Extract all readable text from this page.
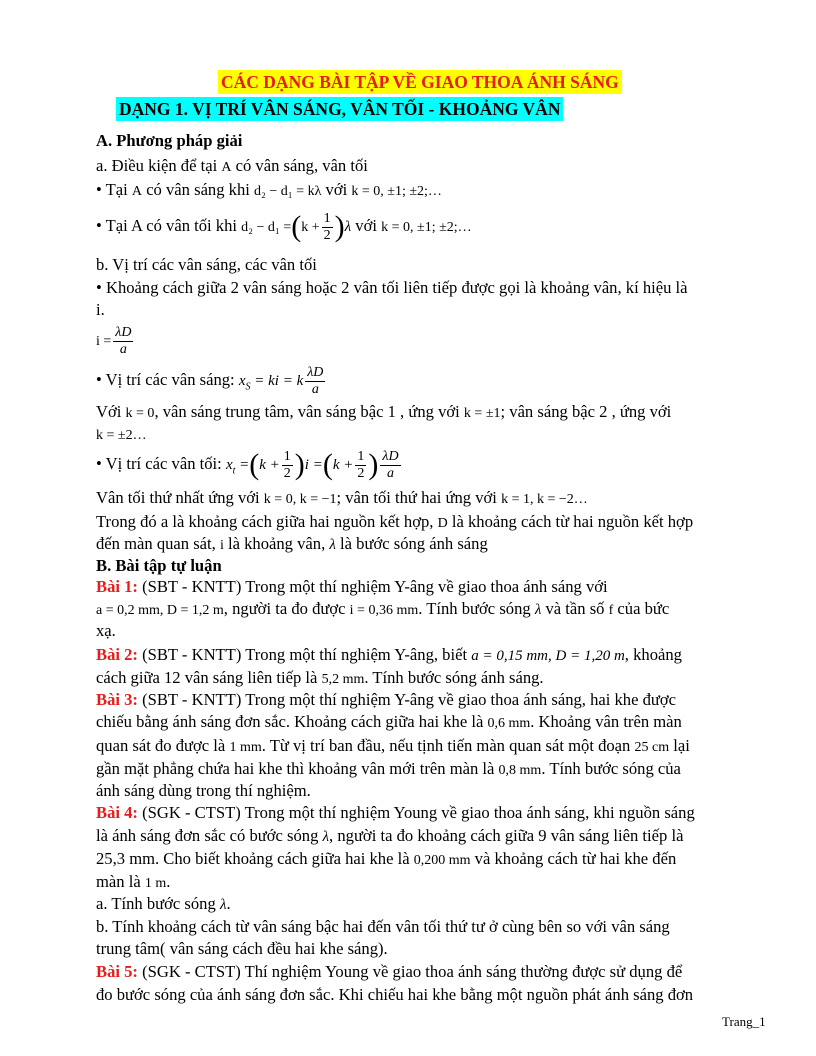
CÁC DẠNG BÀI TẬP VỀ GIAO THOA ÁNH SÁNG
DẠNG 1. VỊ TRÍ VÂN SÁNG, VÂN TỐI - KHOẢNG VÂN
A. Phương pháp giải
a. Điều kiện để tại A có vân sáng, vân tối
• Tại A có vân sáng khi d₂ − d₁ = kλ với k = 0, ±1; ±2;…
• Tại A có vân tối khi $d_2 - d_1 =(k + \frac{1}{2} )\lambda$ với k = 0, ±1; ±2;…
b. Vị trí các vân sáng, các vân tối
• Khoảng cách giữa 2 vân sáng hoặc 2 vân tối liên tiếp được gọi là khoảng vân, kí hiệu là
i.
$i = \frac{\lambda D}{a}$
• Vị trí các vân sáng: $x_S$ = ki = k $\frac{\lambda D}{a}$
Với k = 0, vân sáng trung tâm, vân sáng bậc 1 , ứng với k = ±1; vân sáng bậc 2 , ứng với
k = ±2…
• Vị trí các vân tối: $x_t =(k + \frac{1}{2} )i =(k + \frac{1}{2}$ ) $\frac{\lambda D}{a}$
Vân tối thứ nhất ứng với k = 0, k = −1; vân tối thứ hai ứng với k = 1, k = −2…
Trong đó a là khoảng cách giữa hai nguồn kết hợp, D là khoảng cách từ hai nguồn kết hợp
đến màn quan sát, i là khoảng vân, λ là bước sóng ánh sáng
B. Bài tập tự luận
Bài 1: (SBT - KNTT) Trong một thí nghiệm Y-âng về giao thoa ánh sáng với
a = 0,2 mm, D = 1,2 m, người ta đo được i = 0,36 mm. Tính bước sóng λ và tần số f của bức
xạ.
Bài 2: (SBT - KNTT) Trong một thí nghiệm Y-âng, biết a = 0,15 mm, D = 1,20 m, khoảng
cách giữa 12 vân sáng liên tiếp là 5,2 mm. Tính bước sóng ánh sáng.
Bài 3: (SBT - KNTT) Trong một thí nghiệm Y-âng về giao thoa ánh sáng, hai khe được
chiếu bằng ánh sáng đơn sắc. Khoảng cách giữa hai khe là 0,6 mm. Khoảng vân trên màn
quan sát đo được là 1 mm. Từ vị trí ban đầu, nếu tịnh tiến màn quan sát một đoạn 25 cm lại
gần mặt phẳng chứa hai khe thì khoảng vân mới trên màn là 0,8 mm. Tính bước sóng của
ánh sáng dùng trong thí nghiệm.
Bài 4: (SGK - CTST) Trong một thí nghiệm Young về giao thoa ánh sáng, khi nguồn sáng
là ánh sáng đơn sắc có bước sóng λ, người ta đo khoảng cách giữa 9 vân sáng liên tiếp là
25,3 mm. Cho biết khoảng cách giữa hai khe là 0,200 mm và khoảng cách từ hai khe đến
màn là 1 m.
a. Tính bước sóng λ.
b. Tính khoảng cách từ vân sáng bậc hai đến vân tối thứ tư ở cùng bên so với vân sáng
trung tâm( vân sáng cách đều hai khe sáng).
Bài 5: (SGK - CTST) Thí nghiệm Young về giao thoa ánh sáng thường được sử dụng để
đo bước sóng của ánh sáng đơn sắc. Khi chiếu hai khe bằng một nguồn phát ánh sáng đơn
Trang_1
